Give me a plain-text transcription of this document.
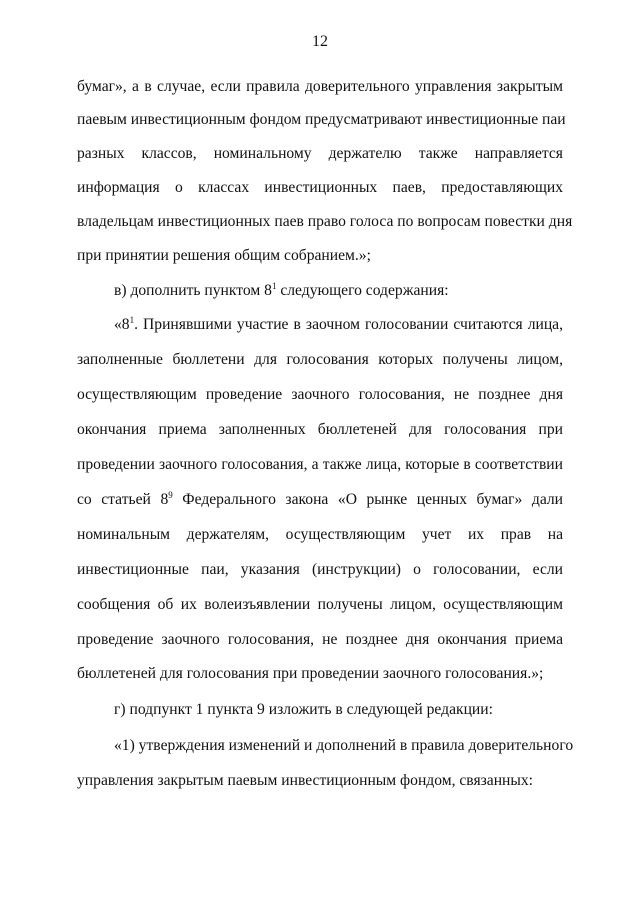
12
бумаг», а в случае, если правила доверительного управления закрытым
паевым инвестиционным фондом предусматривают инвестиционные паи
разных классов, номинальному держателю также направляется
информация о классах инвестиционных паев, предоставляющих
владельцам инвестиционных паев право голоса по вопросам повестки дня
при принятии решения общим собранием.»;
в) дополнить пунктом $8^1$ следующего содержания:
«$8^1$. Принявшими участие в заочном голосовании считаются лица,
заполненные бюллетени для голосования которых получены лицом,
осуществляющим проведение заочного голосования, не позднее дня
окончания приема заполненных бюллетеней для голосования при
проведении заочного голосования, а также лица, которые в соответствии
со статьей $8^9$ Федерального закона «О рынке ценных бумаг» дали
номинальным держателям, осуществляющим учет их прав на
инвестиционные паи, указания (инструкции) о голосовании, если
сообщения об их волеизъявлении получены лицом, осуществляющим
проведение заочного голосования, не позднее дня окончания приема
бюллетеней для голосования при проведении заочного голосования.»;
г) подпункт 1 пункта 9 изложить в следующей редакции:
«1) утверждения изменений и дополнений в правила доверительного
управления закрытым паевым инвестиционным фондом, связанных:
